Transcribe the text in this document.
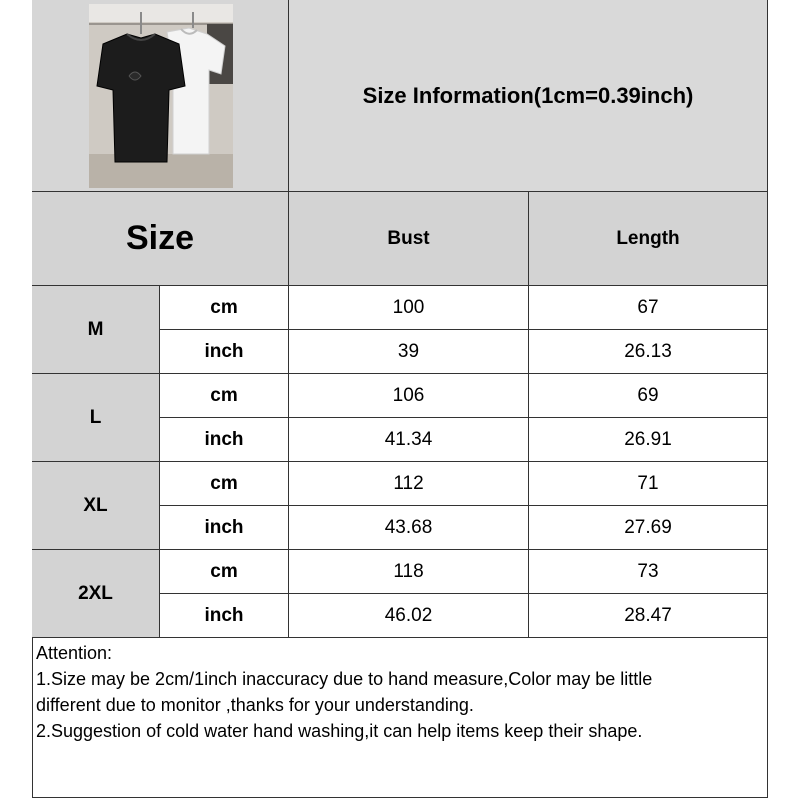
Size Information(1cm=0.39inch)
Size	Bust	Length
M
cm	100	67
inch	39	26.13
L
cm	106	69
inch	41.34	26.91
XL
cm	112	71
inch	43.68	27.69
2XL
cm	118	73
inch	46.02	28.47
Attention:
1.Size may be 2cm/1inch inaccuracy due to hand measure,Color may be little
different due to monitor ,thanks for your understanding.
2.Suggestion of cold water hand washing,it can help items keep their shape.
